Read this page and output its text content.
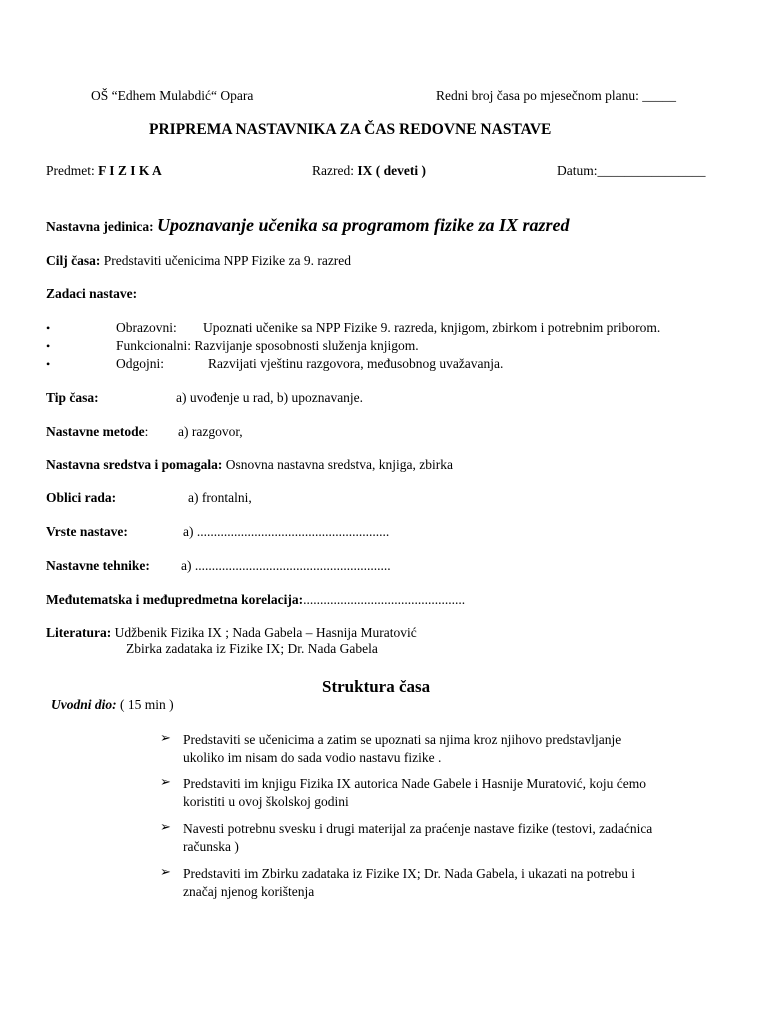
OŠ “Edhem Mulabdić“ Opara	Redni broj časa po mjesečnom planu: _____
PRIPREMA NASTAVNIKA ZA ČAS REDOVNE NASTAVE
Predmet: F I Z I K A	Razred: IX ( deveti )	Datum:________________
Nastavna jedinica: Upoznavanje učenika sa programom fizike za IX razred
Cilj časa: Predstaviti učenicima NPP Fizike za 9. razred
Zadaci nastave:
•	Obrazovni: Upoznati učenike sa NPP Fizike 9. razreda, knjigom, zbirkom i potrebnim priborom.
•	Funkcionalni: Razvijanje sposobnosti služenja knjigom.
•	Odgojni:	Razvijati vještinu razgovora, međusobnog uvažavanja.
Tip časa:	a) uvođenje u rad, b) upoznavanje.
Nastavne metode: a) razgovor,
Nastavna sredstva i pomagala: Osnovna nastavna sredstva, knjiga, zbirka
Oblici rada:	a) frontalni,
Vrste nastave:	a) .........................................................
Nastavne tehnike: a) ..........................................................
Međutematska i međupredmetna korelacija:................................................
Literatura: Udžbenik Fizika IX ; Nada Gabela – Hasnija Muratović
Zbirka zadataka iz Fizike IX; Dr. Nada Gabela
Struktura časa
Uvodni dio: ( 15 min )
➢ Predstaviti se učenicima a zatim se upoznati sa njima kroz njihovo predstavljanje ukoliko im nisam do sada vodio nastavu fizike .
➢ Predstaviti im knjigu Fizika IX autorica Nade Gabele i Hasnije Muratović, koju ćemo koristiti u ovoj školskoj godini
➢ Navesti potrebnu svesku i drugi materijal za praćenje nastave fizike (testovi, zadaćnica računska )
➢ Predstaviti im Zbirku zadataka iz Fizike IX; Dr. Nada Gabela, i ukazati na potrebu i značaj njenog korištenja
